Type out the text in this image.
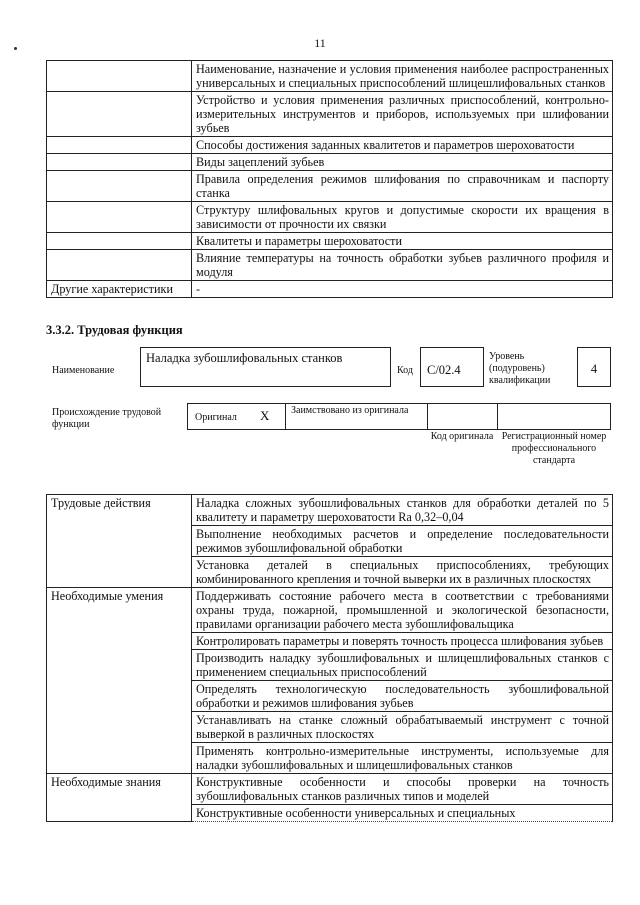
11
	Наименование, назначение и условия применения наиболее распространенных универсальных и специальных приспособлений шлицешлифовальных станков
	Устройство и условия применения различных приспособлений, контрольно-измерительных инструментов и приборов, используемых при шлифовании зубьев
	Способы достижения заданных квалитетов и параметров шероховатости
	Виды зацеплений зубьев
	Правила определения режимов шлифования по справочникам и паспорту станка
	Структуру шлифовальных кругов и допустимые скорости их вращения в зависимости от прочности их связки
	Квалитеты и параметры шероховатости
	Влияние температуры на точность обработки зубьев различного профиля и модуля
Другие характеристики	-
3.3.2. Трудовая функция
Наименование
Наладка зубошлифовальных станков
Код	С/02.4
Уровень (подуровень) квалификации
4
Происхождение трудовой функции
Оригинал X Заимствовано из оригинала
Код оригинала Регистрационный номер профессионального стандарта
Трудовые действия	Наладка сложных зубошлифовальных станков для обработки деталей по 5 квалитету и параметру шероховатости Ra 0,32–0,04
	Выполнение необходимых расчетов и определение последовательности режимов зубошлифовальной обработки
	Установка деталей в специальных приспособлениях, требующих комбинированного крепления и точной выверки их в различных плоскостях
Необходимые умения	Поддерживать состояние рабочего места в соответствии с требованиями охраны труда, пожарной, промышленной и экологической безопасности, правилами организации рабочего места зубошлифовальщика
	Контролировать параметры и поверять точность процесса шлифования зубьев
	Производить наладку зубошлифовальных и шлицешлифовальных станков с применением специальных приспособлений
	Определять технологическую последовательность зубошлифовальной обработки и режимов шлифования зубьев
	Устанавливать на станке сложный обрабатываемый инструмент с точной выверкой в различных плоскостях
	Применять контрольно-измерительные инструменты, используемые для наладки зубошлифовальных и шлицешлифовальных станков
Необходимые знания	Конструктивные особенности и способы проверки на точность зубошлифовальных станков различных типов и моделей
	Конструктивные особенности универсальных и специальных
